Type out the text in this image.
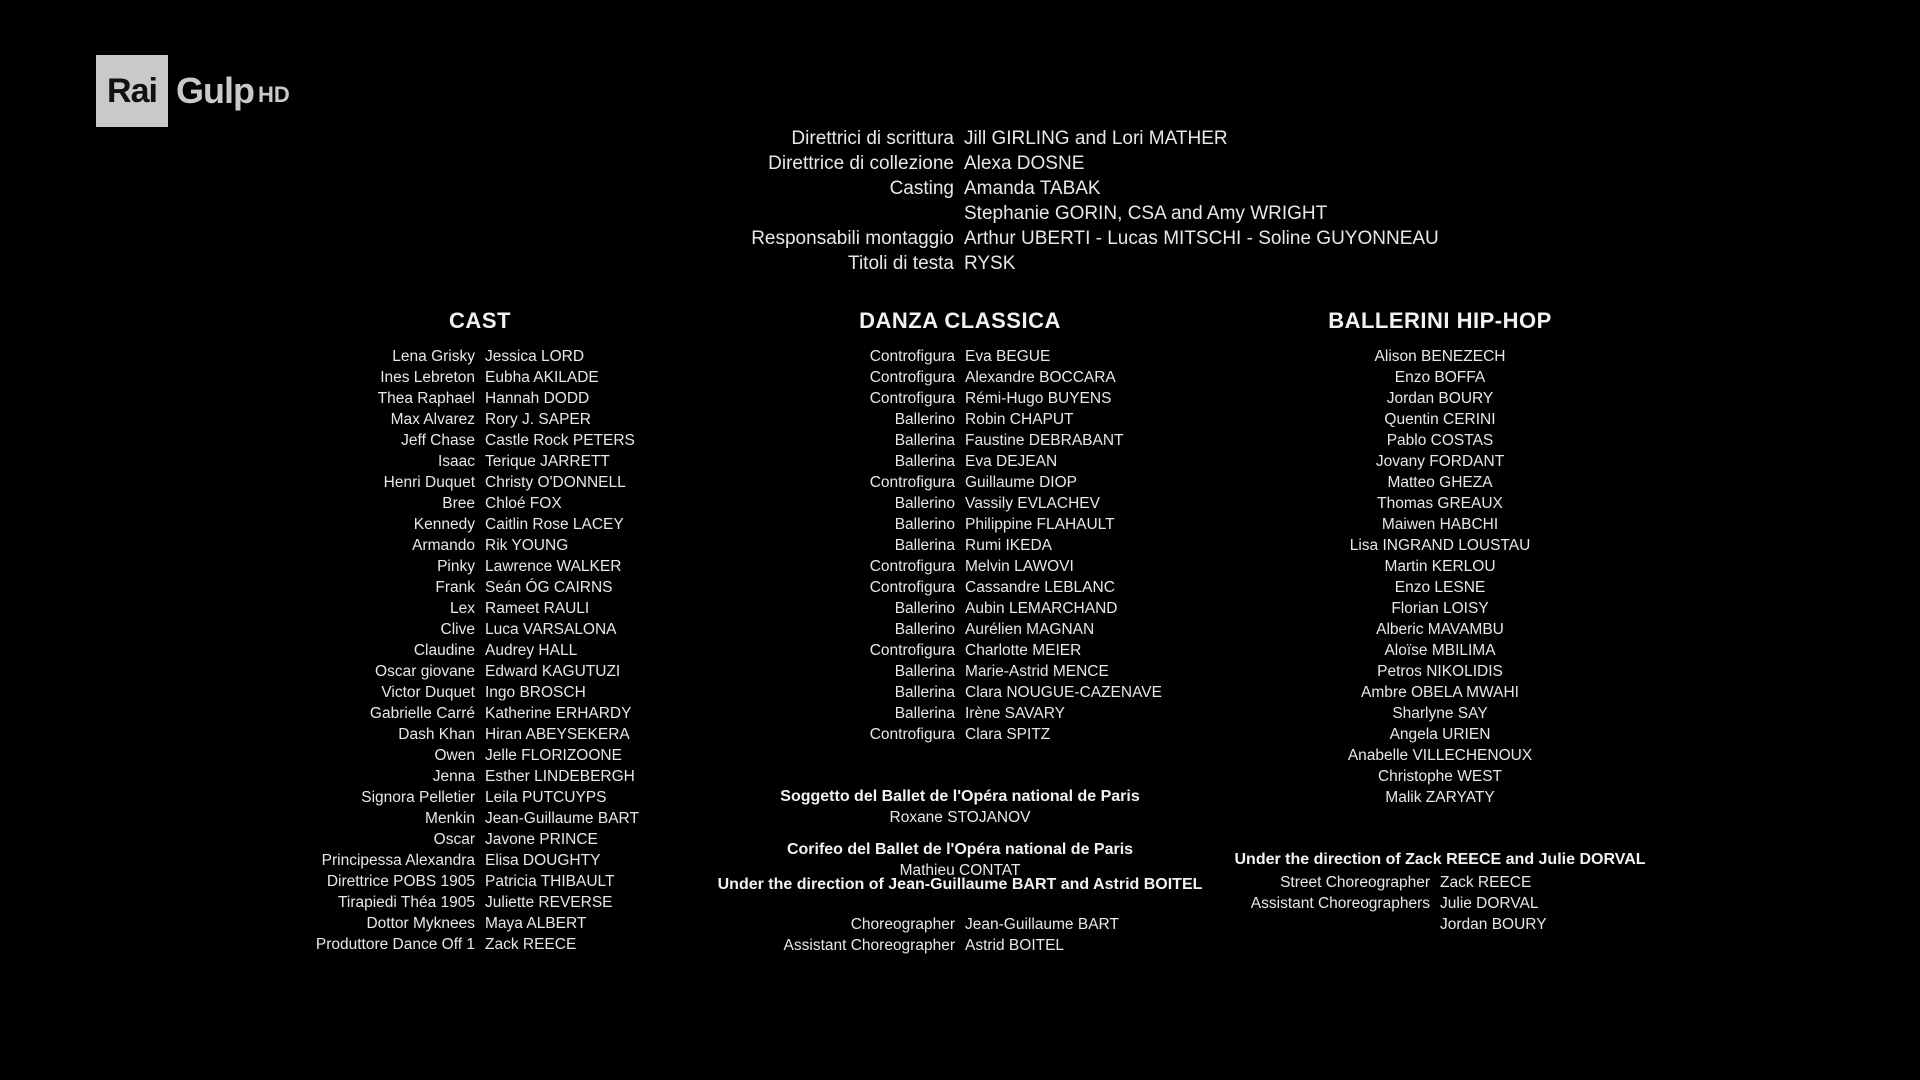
Rai Gulp HD
Direttrici di scrittura
Direttrice di collezione
Casting

Responsabili montaggio
Titoli di testa
Jill GIRLING and Lori MATHER
Alexa DOSNE
Amanda TABAK
Stephanie GORIN, CSA and Amy WRIGHT
Arthur UBERTI - Lucas MITSCHI - Soline GUYONNEAU
RYSK
CAST	DANZA CLASSICA	BALLERINI HIP-HOP
Lena Grisky
Ines Lebreton
Thea Raphael
Max Alvarez
Jeff Chase
Isaac
Henri Duquet
Bree
Kennedy
Armando
Pinky
Frank
Lex
Clive
Claudine
Oscar giovane
Victor Duquet
Gabrielle Carré
Dash Khan
Owen
Jenna
Signora Pelletier
Menkin
Oscar
Principessa Alexandra
Direttrice POBS 1905
Tirapiedi Théa 1905
Dottor Myknees
Produttore Dance Off 1
Jessica LORD
Eubha AKILADE
Hannah DODD
Rory J. SAPER
Castle Rock PETERS
Terique JARRETT
Christy O'DONNELL
Chloé FOX
Caitlin Rose LACEY
Rik YOUNG
Lawrence WALKER
Seán ÓG CAIRNS
Rameet RAULI
Luca VARSALONA
Audrey HALL
Edward KAGUTUZI
Ingo BROSCH
Katherine ERHARDY
Hiran ABEYSEKERA
Jelle FLORIZOONE
Esther LINDEBERGH
Leila PUTCUYPS
Jean-Guillaume BART
Javone PRINCE
Elisa DOUGHTY
Patricia THIBAULT
Juliette REVERSE
Maya ALBERT
Zack REECE
Controfigura
Controfigura
Controfigura
Ballerino
Ballerina
Ballerina
Controfigura
Ballerino
Ballerino
Ballerina
Controfigura
Controfigura
Ballerino
Ballerino
Controfigura
Ballerina
Ballerina
Ballerina
Controfigura
Eva BEGUE
Alexandre BOCCARA
Rémi-Hugo BUYENS
Robin CHAPUT
Faustine DEBRABANT
Eva DEJEAN
Guillaume DIOP
Vassily EVLACHEV
Philippine FLAHAULT
Rumi IKEDA
Melvin LAWOVI
Cassandre LEBLANC
Aubin LEMARCHAND
Aurélien MAGNAN
Charlotte MEIER
Marie-Astrid MENCE
Clara NOUGUE-CAZENAVE
Irène SAVARY
Clara SPITZ
Soggetto del Ballet de l'Opéra national de Paris
Roxane STOJANOV
Corifeo del Ballet de l'Opéra national de Paris
Mathieu CONTAT
Under the direction of Jean-Guillaume BART and Astrid BOITEL
Choreographer
Assistant Choreographer
Jean-Guillaume BART
Astrid BOITEL
Alison BENEZECH
Enzo BOFFA
Jordan BOURY
Quentin CERINI
Pablo COSTAS
Jovany FORDANT
Matteo GHEZA
Thomas GREAUX
Maiwen HABCHI
Lisa INGRAND LOUSTAU
Martin KERLOU
Enzo LESNE
Florian LOISY
Alberic MAVAMBU
Aloïse MBILIMA
Petros NIKOLIDIS
Ambre OBELA MWAHI
Sharlyne SAY
Angela URIEN
Anabelle VILLECHENOUX
Christophe WEST
Malik ZARYATY
Under the direction of Zack REECE and Julie DORVAL
Street Choreographer
Assistant Choreographers

Zack REECE
Julie DORVAL
Jordan BOURY
